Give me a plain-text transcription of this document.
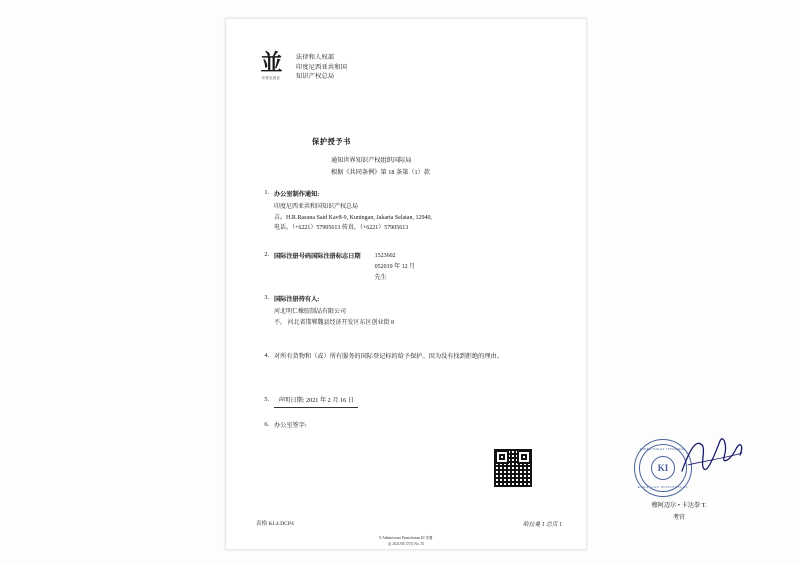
並
印度尼西亚
法律和人权部
印度尼西亚共和国
知识产权总局
保护授予书
通知世界知识产权组织国际局
根据《共同条例》第 18 条第（1）款
1. 办公室制作通知:
印度尼西亚共和国知识产权总局
吉。H.R.Rasuna Said Kav8-9, Kuningan, Jakarta Selatan, 12940,
电话。（+6221）57905613 传真。（+6221）57905613
2. 国际注册号码国际注册标志日期 1523602
052019 年 12 月
先生
3. 国际注册持有人:
河北明仁橡胶制品有限公司
不。 河北省邯郸魏县经济开发区东区创业街 8
4. 对所有货物和（或）所有服务的国际登记标的给予保护。因为没有找到拒绝的理由。
5.	声明日期: 2021 年 2 月 16 日
6. 办公室签字:
DIREKTORAT JENDERAL
KI
KEKAYAAN INTELEKTUAL
穆阿迈尔 • 卡达拳 T.
考官
表格 KI.4.DCP4	哈拉曼 1 总页 1
E Administrasi Permohonan KI 签署
直 2021/03/17(T) No. 55
